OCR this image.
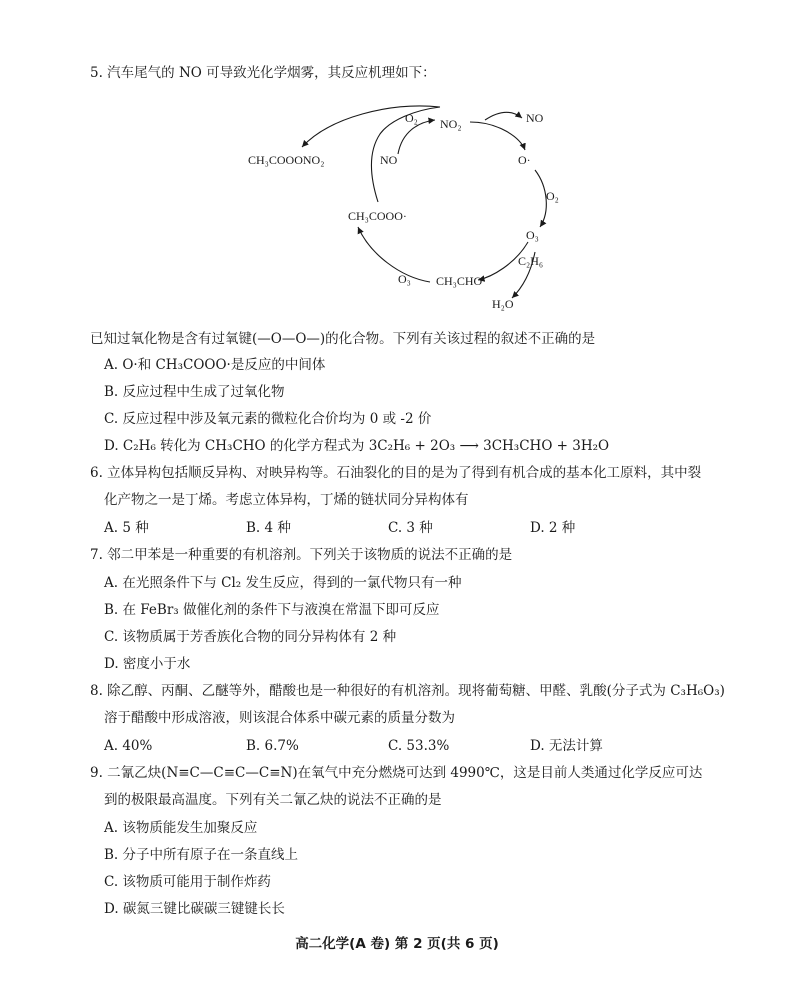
5. 汽车尾气的 NO 可导致光化学烟雾，其反应机理如下：
CH₃COOONO₂
O₂ NO₂	NO
NO	O·
O₂
O₃
C₂H₆
H₂O
CH₃CHO
O₃
CH₃COOO·
已知过氧化物是含有过氧键(—O—O—)的化合物。下列有关该过程的叙述不正确的是
A. O·和 CH₃COOO·是反应的中间体
B. 反应过程中生成了过氧化物
C. 反应过程中涉及氧元素的微粒化合价均为 0 或 -2 价
D. C₂H₆ 转化为 CH₃CHO 的化学方程式为 3C₂H₆ + 2O₃ ⟶ 3CH₃CHO + 3H₂O
6. 立体异构包括顺反异构、对映异构等。石油裂化的目的是为了得到有机合成的基本化工原料，其中裂
化产物之一是丁烯。考虑立体异构，丁烯的链状同分异构体有
A. 5 种	B. 4 种	C. 3 种	D. 2 种
7. 邻二甲苯是一种重要的有机溶剂。下列关于该物质的说法不正确的是
A. 在光照条件下与 Cl₂ 发生反应，得到的一氯代物只有一种
B. 在 FeBr₃ 做催化剂的条件下与液溴在常温下即可反应
C. 该物质属于芳香族化合物的同分异构体有 2 种
D. 密度小于水
8. 除乙醇、丙酮、乙醚等外，醋酸也是一种很好的有机溶剂。现将葡萄糖、甲醛、乳酸(分子式为 C₃H₆O₃)
溶于醋酸中形成溶液，则该混合体系中碳元素的质量分数为
A. 40%	B. 6.7%	C. 53.3%	D. 无法计算
9. 二氰乙炔(N≡C—C≡C—C≡N)在氧气中充分燃烧可达到 4990℃，这是目前人类通过化学反应可达
到的极限最高温度。下列有关二氰乙炔的说法不正确的是
A. 该物质能发生加聚反应
B. 分子中所有原子在一条直线上
C. 该物质可能用于制作炸药
D. 碳氮三键比碳碳三键键长长
高二化学(A 卷) 第 2 页(共 6 页)
